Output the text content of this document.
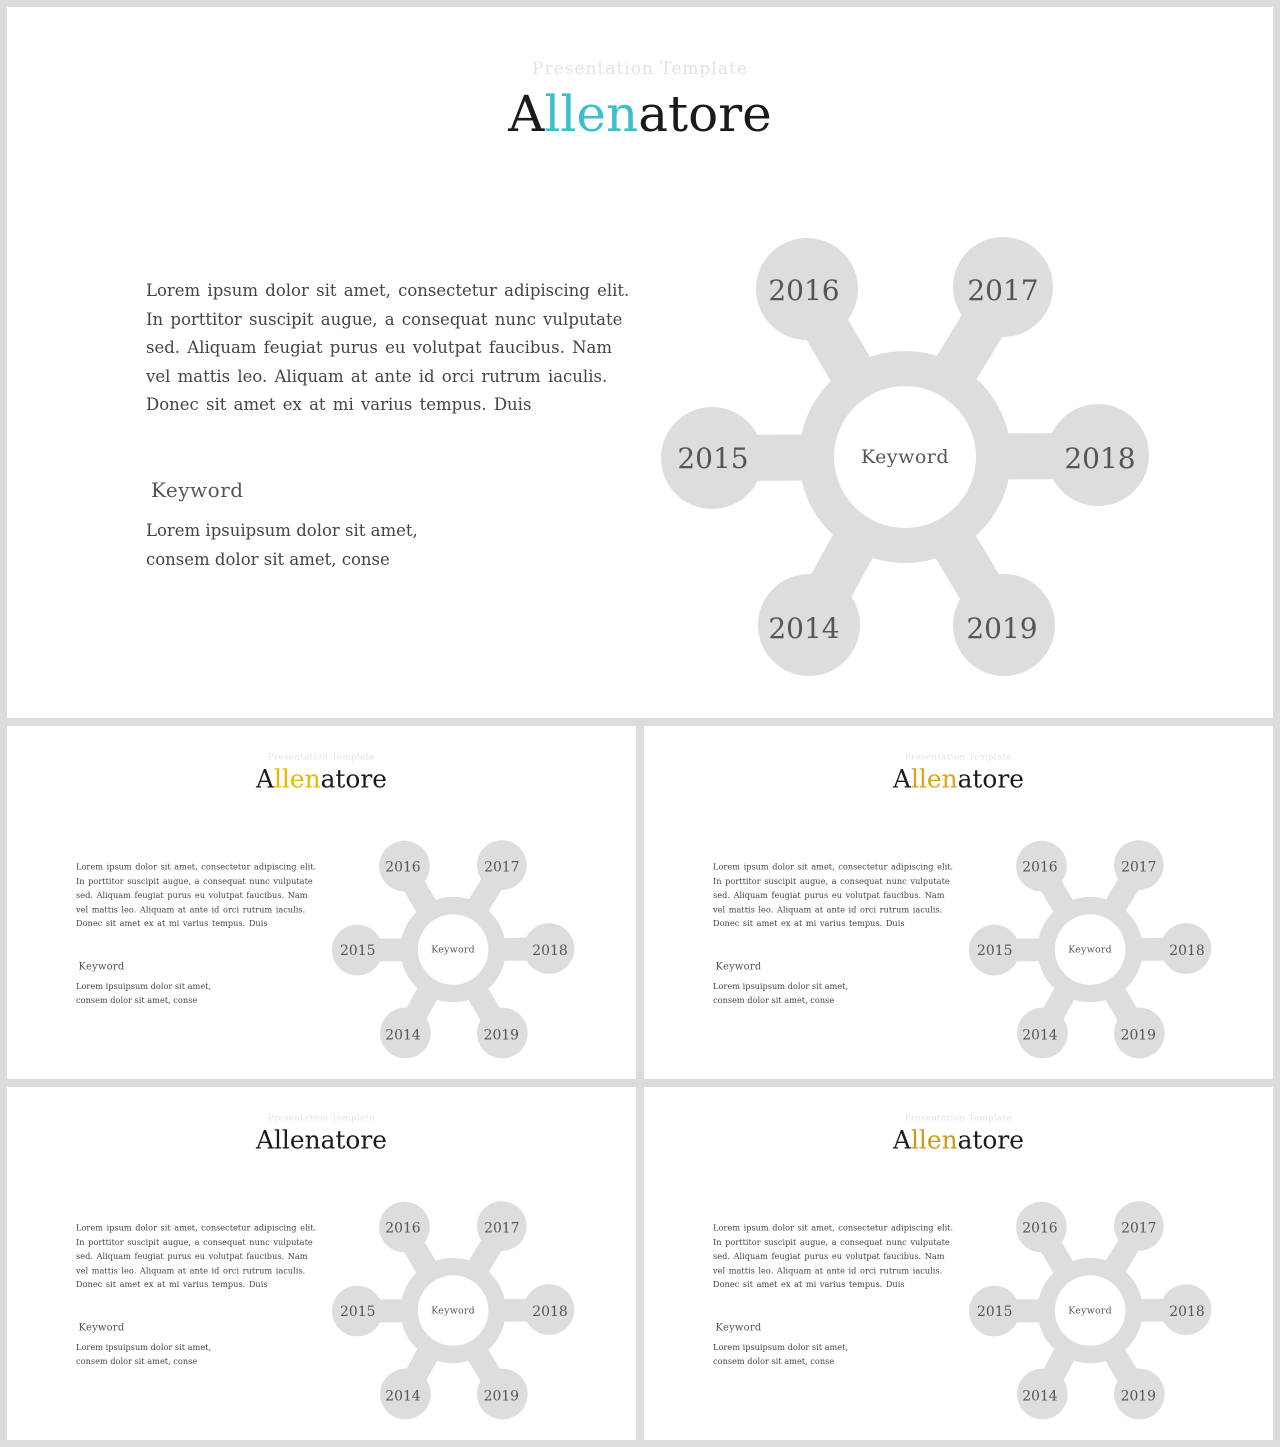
Presentation Template
Allenatore
Lorem ipsum dolor sit amet, consectetur adipiscing elit. In porttitor suscipit augue, a consequat nunc vulputate sed. Aliquam feugiat purus eu volutpat faucibus. Nam vel mattis leo. Aliquam at ante id orci rutrum iaculis. Donec sit amet ex at mi varius tempus. Duis
Keyword
Lorem ipsuipsum dolor sit amet,
consem dolor sit amet, conse
Keyword
2016	2017
2015	2018
2014	2019
Presentation Template
Allenatore
Lorem ipsum dolor sit amet, consectetur adipiscing elit. In porttitor suscipit augue, a consequat nunc vulputate sed. Aliquam feugiat purus eu volutpat faucibus. Nam vel mattis leo. Aliquam at ante id orci rutrum iaculis. Donec sit amet ex at mi varius tempus. Duis
Keyword
Lorem ipsuipsum dolor sit amet,
consem dolor sit amet, conse
Keyword
2016 2017
2015	2018
2014 2019
Presentation Template
Allenatore
Lorem ipsum dolor sit amet, consectetur adipiscing elit. In porttitor suscipit augue, a consequat nunc vulputate sed. Aliquam feugiat purus eu volutpat faucibus. Nam vel mattis leo. Aliquam at ante id orci rutrum iaculis. Donec sit amet ex at mi varius tempus. Duis
Keyword
Lorem ipsuipsum dolor sit amet,
consem dolor sit amet, conse
Keyword
2016 2017
2015	2018
2014 2019
Presentation Template
Allenatore
Lorem ipsum dolor sit amet, consectetur adipiscing elit. In porttitor suscipit augue, a consequat nunc vulputate sed. Aliquam feugiat purus eu volutpat faucibus. Nam vel mattis leo. Aliquam at ante id orci rutrum iaculis. Donec sit amet ex at mi varius tempus. Duis
Keyword
Lorem ipsuipsum dolor sit amet,
consem dolor sit amet, conse
Keyword
2016 2017
2015	2018
2014 2019
Presentation Template
Allenatore
Lorem ipsum dolor sit amet, consectetur adipiscing elit. In porttitor suscipit augue, a consequat nunc vulputate sed. Aliquam feugiat purus eu volutpat faucibus. Nam vel mattis leo. Aliquam at ante id orci rutrum iaculis. Donec sit amet ex at mi varius tempus. Duis
Keyword
Lorem ipsuipsum dolor sit amet,
consem dolor sit amet, conse
Keyword
2016 2017
2015	2018
2014 2019
